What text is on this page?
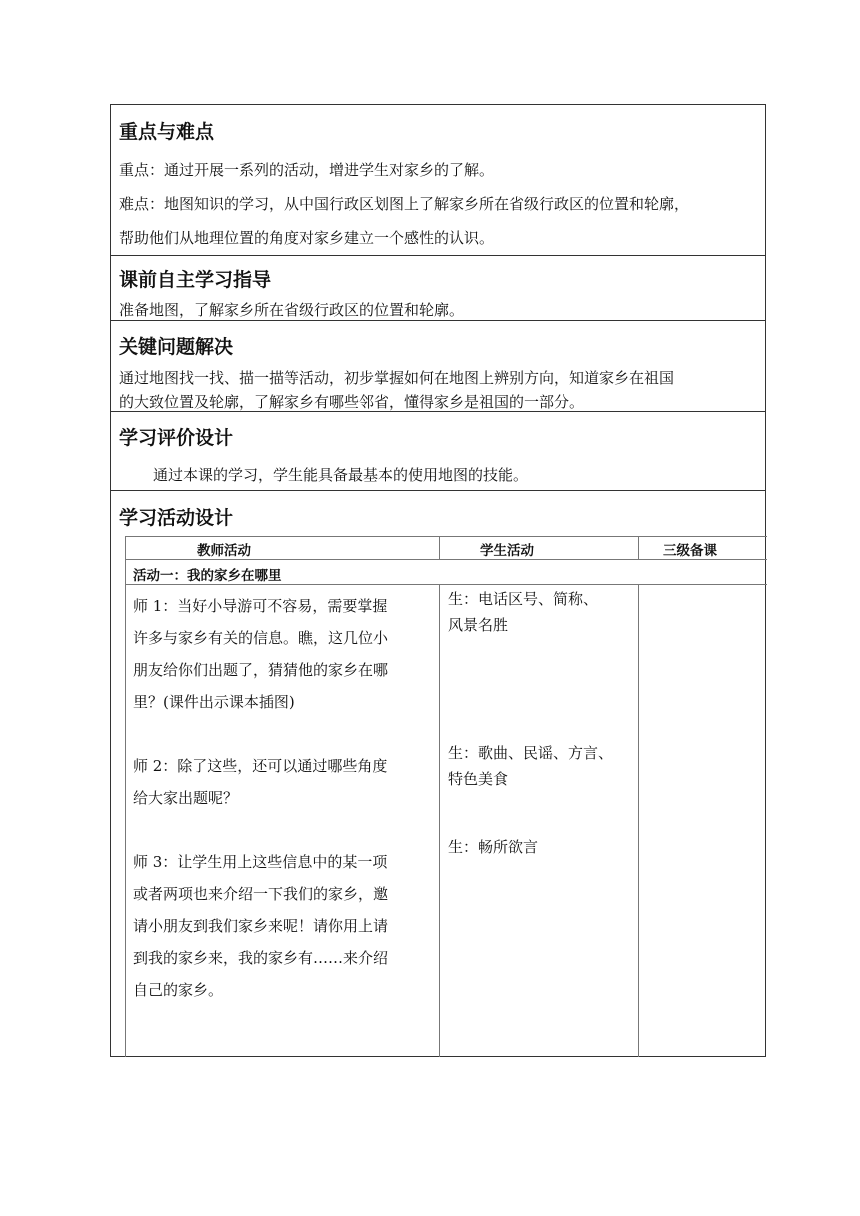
重点与难点
重点：通过开展一系列的活动，增进学生对家乡的了解。
难点：地图知识的学习，从中国行政区划图上了解家乡所在省级行政区的位置和轮廓，
帮助他们从地理位置的角度对家乡建立一个感性的认识。
课前自主学习指导
准备地图，了解家乡所在省级行政区的位置和轮廓。
关键问题解决
通过地图找一找、描一描等活动，初步掌握如何在地图上辨别方向，知道家乡在祖国
的大致位置及轮廓，了解家乡有哪些邻省，懂得家乡是祖国的一部分。
学习评价设计
通过本课的学习，学生能具备最基本的使用地图的技能。
学习活动设计
教师活动	学生活动	三级备课
活动一：我的家乡在哪里
师 1：当好小导游可不容易，需要掌握
许多与家乡有关的信息。瞧，这几位小
朋友给你们出题了，猜猜他的家乡在哪
里？(课件出示课本插图)
师 2：除了这些，还可以通过哪些角度
给大家出题呢？
师 3：让学生用上这些信息中的某一项
或者两项也来介绍一下我们的家乡，邀
请小朋友到我们家乡来呢！请你用上请
到我的家乡来，我的家乡有……来介绍
自己的家乡。
生：电话区号、简称、
风景名胜
生：歌曲、民谣、方言、
特色美食
生：畅所欲言
